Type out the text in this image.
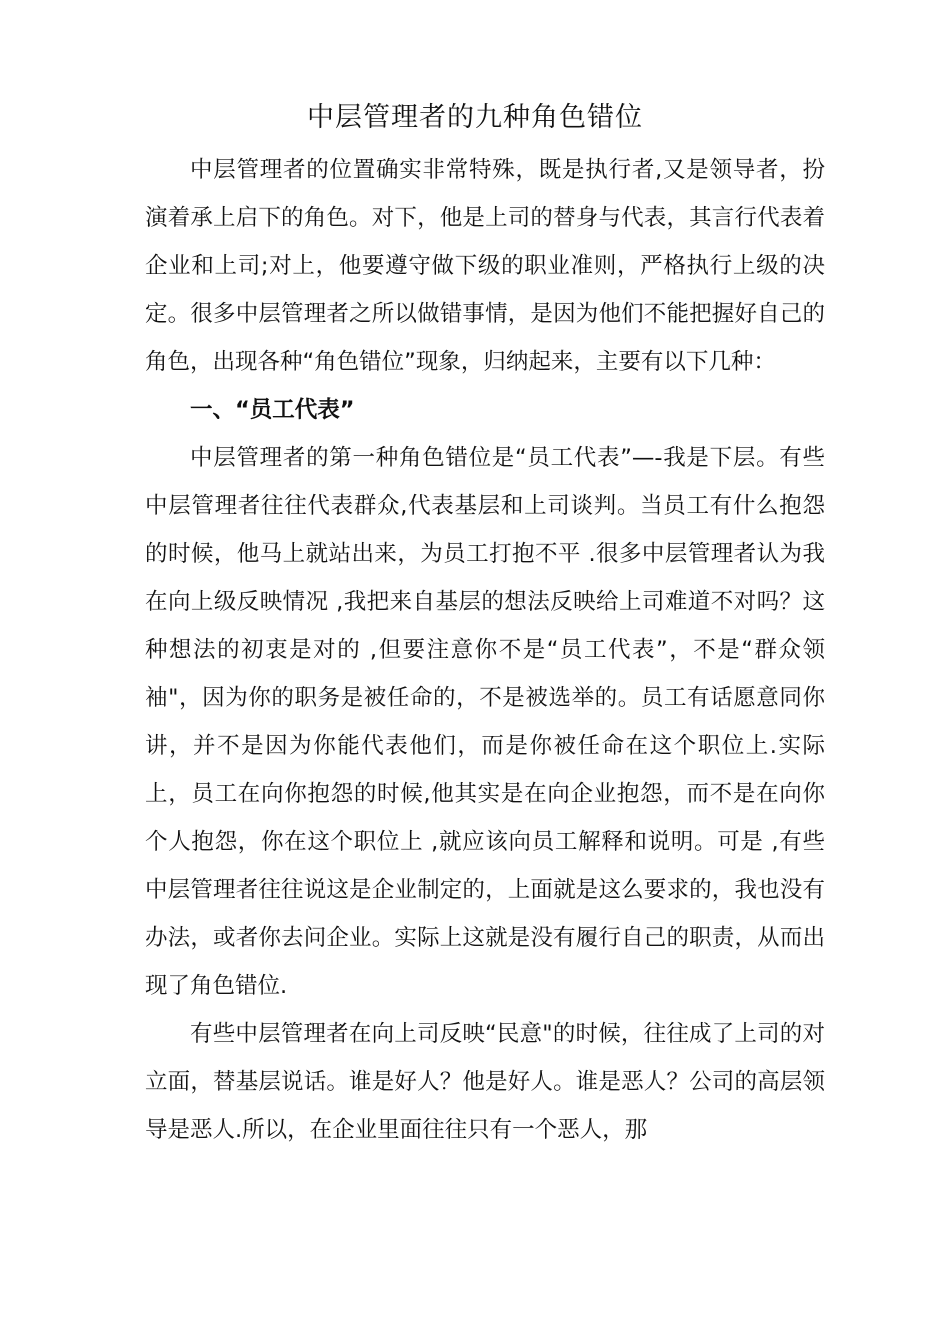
中层管理者的九种角色错位

中层管理者的位置确实非常特殊，既是执行者,又是领导者，扮演着承上启下的角色。对下，他是上司的替身与代表，其言行代表着企业和上司;对上，他要遵守做下级的职业准则，严格执行上级的决定。很多中层管理者之所以做错事情，是因为他们不能把握好自己的角色，出现各种“角色错位”现象，归纳起来，主要有以下几种：

一、“员工代表”

中层管理者的第一种角色错位是“员工代表”—-我是下层。有些中层管理者往往代表群众,代表基层和上司谈判。当员工有什么抱怨的时候，他马上就站出来，为员工打抱不平 .很多中层管理者认为我在向上级反映情况 ,我把来自基层的想法反映给上司难道不对吗？这种想法的初衷是对的 ,但要注意你不是“员工代表”，不是“群众领袖"，因为你的职务是被任命的，不是被选举的。员工有话愿意同你讲，并不是因为你能代表他们，而是你被任命在这个职位上.实际上，员工在向你抱怨的时候,他其实是在向企业抱怨，而不是在向你个人抱怨，你在这个职位上 ,就应该向员工解释和说明。可是 ,有些中层管理者往往说这是企业制定的，上面就是这么要求的，我也没有办法，或者你去问企业。实际上这就是没有履行自己的职责，从而出现了角色错位.

有些中层管理者在向上司反映“民意"的时候，往往成了上司的对立面，替基层说话。谁是好人？他是好人。谁是恶人？公司的高层领导是恶人.所以，在企业里面往往只有一个恶人，那
